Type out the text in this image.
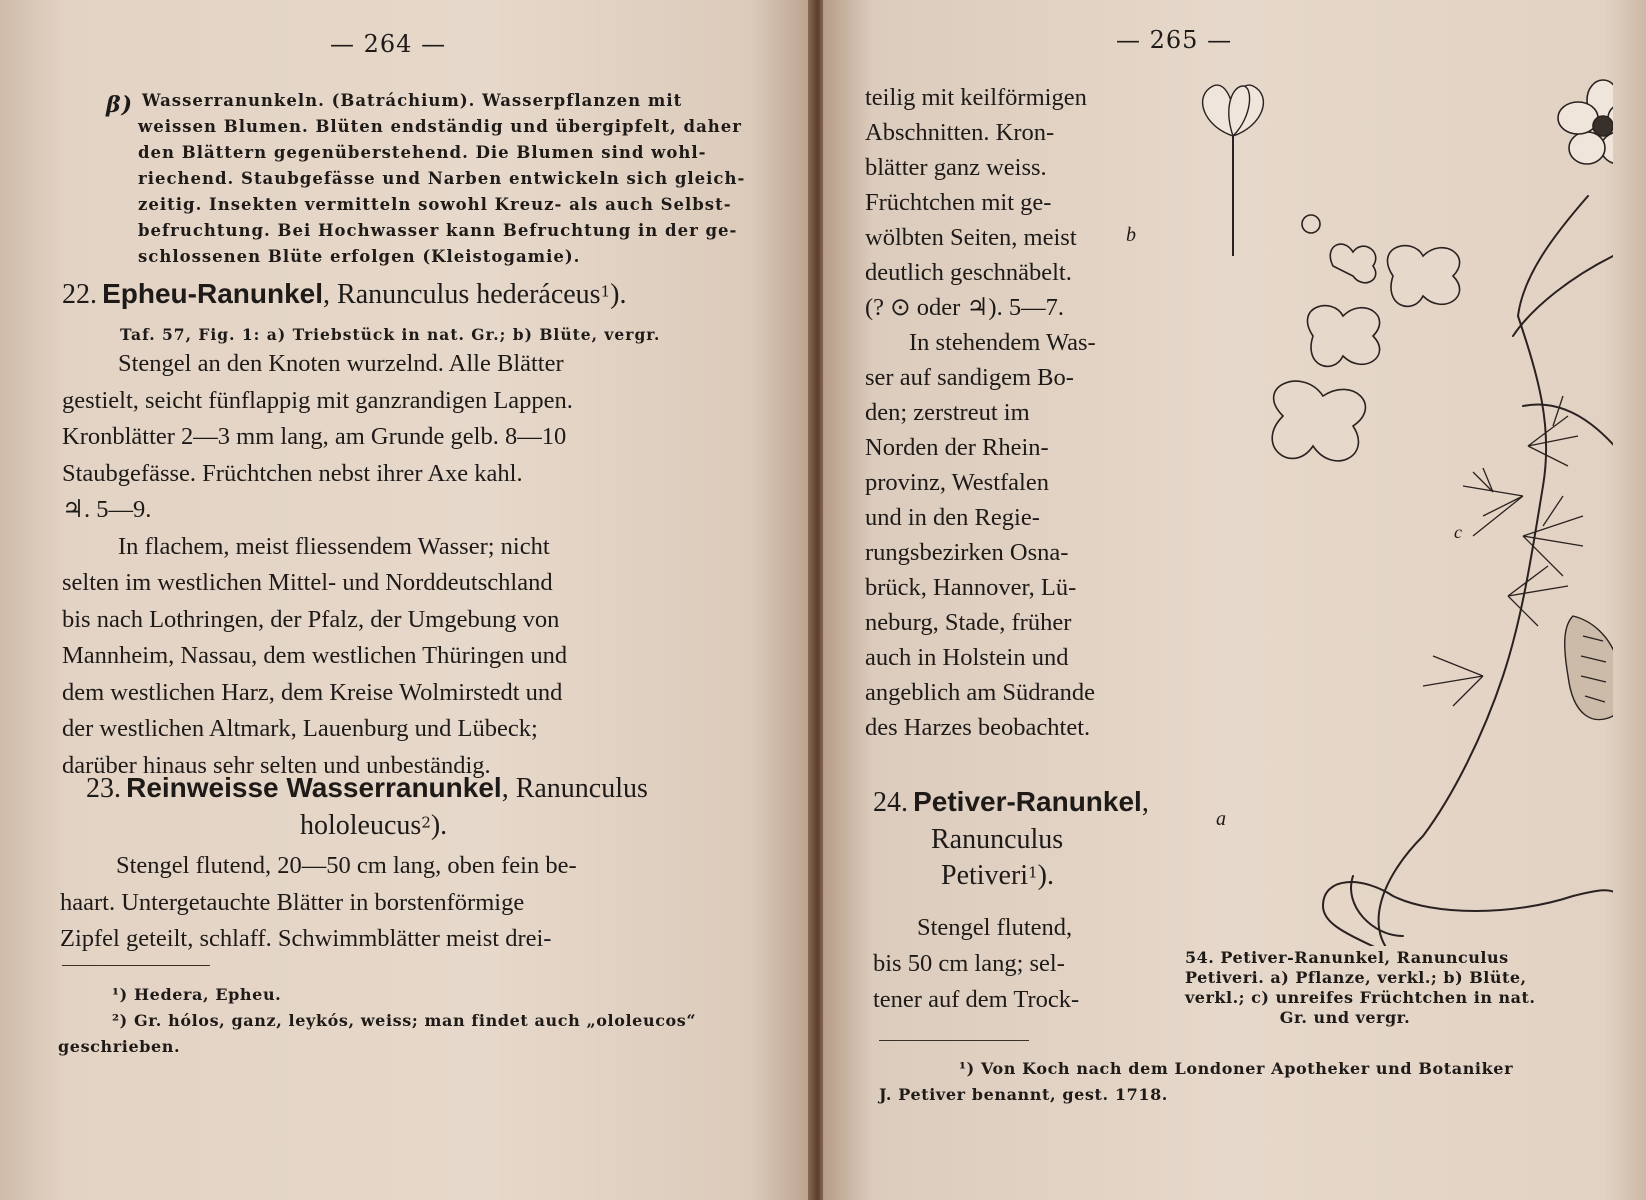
— 264 —
β) Wasserranunkeln. (Batráchium). Wasserpflanzen mit
weissen Blumen. Blüten endständig und übergipfelt, daher
den Blättern gegenüberstehend. Die Blumen sind wohl-
riechend. Staubgefässe und Narben entwickeln sich gleich-
zeitig. Insekten vermitteln sowohl Kreuz- als auch Selbst-
befruchtung. Bei Hochwasser kann Befruchtung in der ge-
schlossenen Blüte erfolgen (Kleistogamie).
22. Epheu-Ranunkel, Ranunculus hederáceus$^1$).
Taf. 57, Fig. 1: a) Triebstück in nat. Gr.; b) Blüte, vergr.
Stengel an den Knoten wurzelnd. Alle Blätter
gestielt, seicht fünflappig mit ganzrandigen Lappen.
Kronblätter 2—3 mm lang, am Grunde gelb. 8—10
Staubgefässe. Früchtchen nebst ihrer Axe kahl.
♃. 5—9.
In flachem, meist fliessendem Wasser; nicht
selten im westlichen Mittel- und Norddeutschland
bis nach Lothringen, der Pfalz, der Umgebung von
Mannheim, Nassau, dem westlichen Thüringen und
dem westlichen Harz, dem Kreise Wolmirstedt und
der westlichen Altmark, Lauenburg und Lübeck;
darüber hinaus sehr selten und unbeständig.
23. Reinweisse Wasserranunkel, Ranunculus
hololeucus$^2$).
Stengel flutend, 20—50 cm lang, oben fein be-
haart. Untergetauchte Blätter in borstenförmige
Zipfel geteilt, schlaff. Schwimmblätter meist drei-
¹) Hedera, Epheu.
²) Gr. hólos, ganz, leykós, weiss; man findet auch „ololeucos“
geschrieben.
— 265 —
teilig mit keilförmigen
Abschnitten. Kron-
blätter ganz weiss.
Früchtchen mit ge-
wölbten Seiten, meist
deutlich geschnäbelt.
(? ⊙ oder ♃). 5—7.
In stehendem Was-
ser auf sandigem Bo-
den; zerstreut im
Norden der Rhein-
provinz, Westfalen
und in den Regie-
rungsbezirken Osna-
brück, Hannover, Lü-
neburg, Stade, früher
auch in Holstein und
angeblich am Südrande
des Harzes beobachtet.
24. Petiver-Ranunkel,
Ranunculus
Petiveri$^1$).
Stengel flutend,
bis 50 cm lang; sel-
tener auf dem Trock-
b
c
a
54. Petiver-Ranunkel, Ranunculus
Petiveri. a) Pflanze, verkl.; b) Blüte,
verkl.; c) unreifes Früchtchen in nat.
Gr. und vergr.
¹) Von Koch nach dem Londoner Apotheker und Botaniker
J. Petiver benannt, gest. 1718.
